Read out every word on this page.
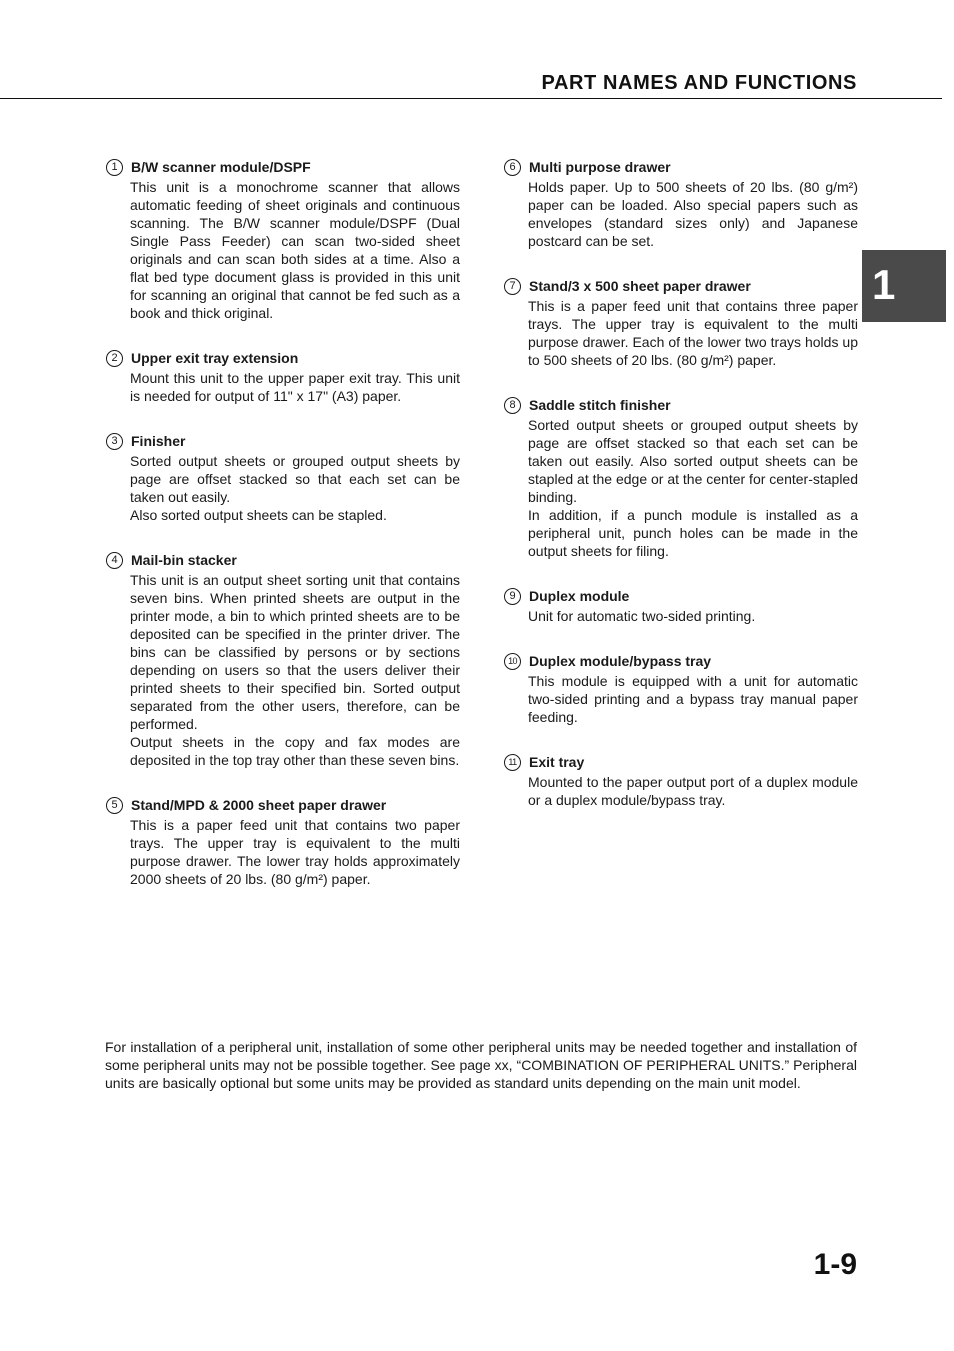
PART NAMES AND FUNCTIONS
1
1 B/W scanner module/DSPF

This unit is a monochrome scanner that allows automatic feeding of sheet originals and continuous scanning. The B/W scanner module/DSPF (Dual Single Pass Feeder) can scan two-sided sheet originals and can scan both sides at a time. Also a flat bed type document glass is provided in this unit for scanning an original that cannot be fed such as a book and thick original.

2 Upper exit tray extension

Mount this unit to the upper paper exit tray. This unit is needed for output of 11" x 17" (A3) paper.

3 Finisher

Sorted output sheets or grouped output sheets by page are offset stacked so that each set can be taken out easily.

Also sorted output sheets can be stapled.

4 Mail-bin stacker

This unit is an output sheet sorting unit that contains seven bins. When printed sheets are output in the printer mode, a bin to which printed sheets are to be deposited can be specified in the printer driver. The bins can be classified by persons or by sections depending on users so that the users deliver their printed sheets to their specified bin. Sorted output separated from the other users, therefore, can be performed.

Output sheets in the copy and fax modes are deposited in the top tray other than these seven bins.

5 Stand/MPD & 2000 sheet paper drawer

This is a paper feed unit that contains two paper trays. The upper tray is equivalent to the multi purpose drawer. The lower tray holds approximately 2000 sheets of 20 lbs. (80 g/m²) paper.

6 Multi purpose drawer

Holds paper. Up to 500 sheets of 20 lbs. (80 g/m²) paper can be loaded. Also special papers such as envelopes (standard sizes only) and Japanese postcard can be set.

7 Stand/3 x 500 sheet paper drawer

This is a paper feed unit that contains three paper trays. The upper tray is equivalent to the multi purpose drawer. Each of the lower two trays holds up to 500 sheets of 20 lbs. (80 g/m²) paper.

8 Saddle stitch finisher

Sorted output sheets or grouped output sheets by page are offset stacked so that each set can be taken out easily. Also sorted output sheets can be stapled at the edge or at the center for center-stapled binding.

In addition, if a punch module is installed as a peripheral unit, punch holes can be made in the output sheets for filing.

9 Duplex module

Unit for automatic two-sided printing.

10 Duplex module/bypass tray

This module is equipped with a unit for automatic two-sided printing and a bypass tray manual paper feeding.

11 Exit tray

Mounted to the paper output port of a duplex module or a duplex module/bypass tray.

For installation of a peripheral unit, installation of some other peripheral units may be needed together and installation of some peripheral units may not be possible together. See page xx, “COMBINATION OF PERIPHERAL UNITS.” Peripheral units are basically optional but some units may be provided as standard units depending on the main unit model.
1-9
